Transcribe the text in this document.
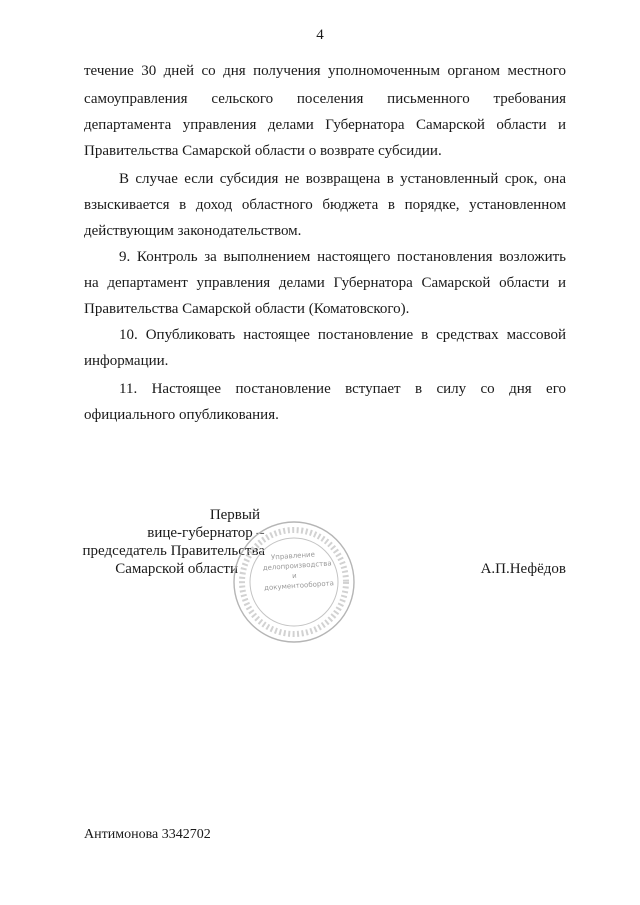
4
течение 30 дней со дня получения уполномоченным органом местного
самоуправления сельского поселения письменного требования
департамента управления делами Губернатора Самарской области и
Правительства Самарской области о возврате субсидии.
В случае если субсидия не возвращена в установленный срок, она
взыскивается в доход областного бюджета в порядке, установленном
действующим законодательством.
9. Контроль за выполнением настоящего постановления возложить
на департамент управления делами Губернатора Самарской области и
Правительства Самарской области (Коматовского).
10. Опубликовать настоящее постановление в средствах массовой
информации.
11. Настоящее постановление вступает в силу со дня его
официального опубликования.
Первый
вице-губернатор –
председатель Правительства
Самарской области	А.П.Нефёдов
Управление
делопроизводства
и документооборота
Антимонова 3342702
